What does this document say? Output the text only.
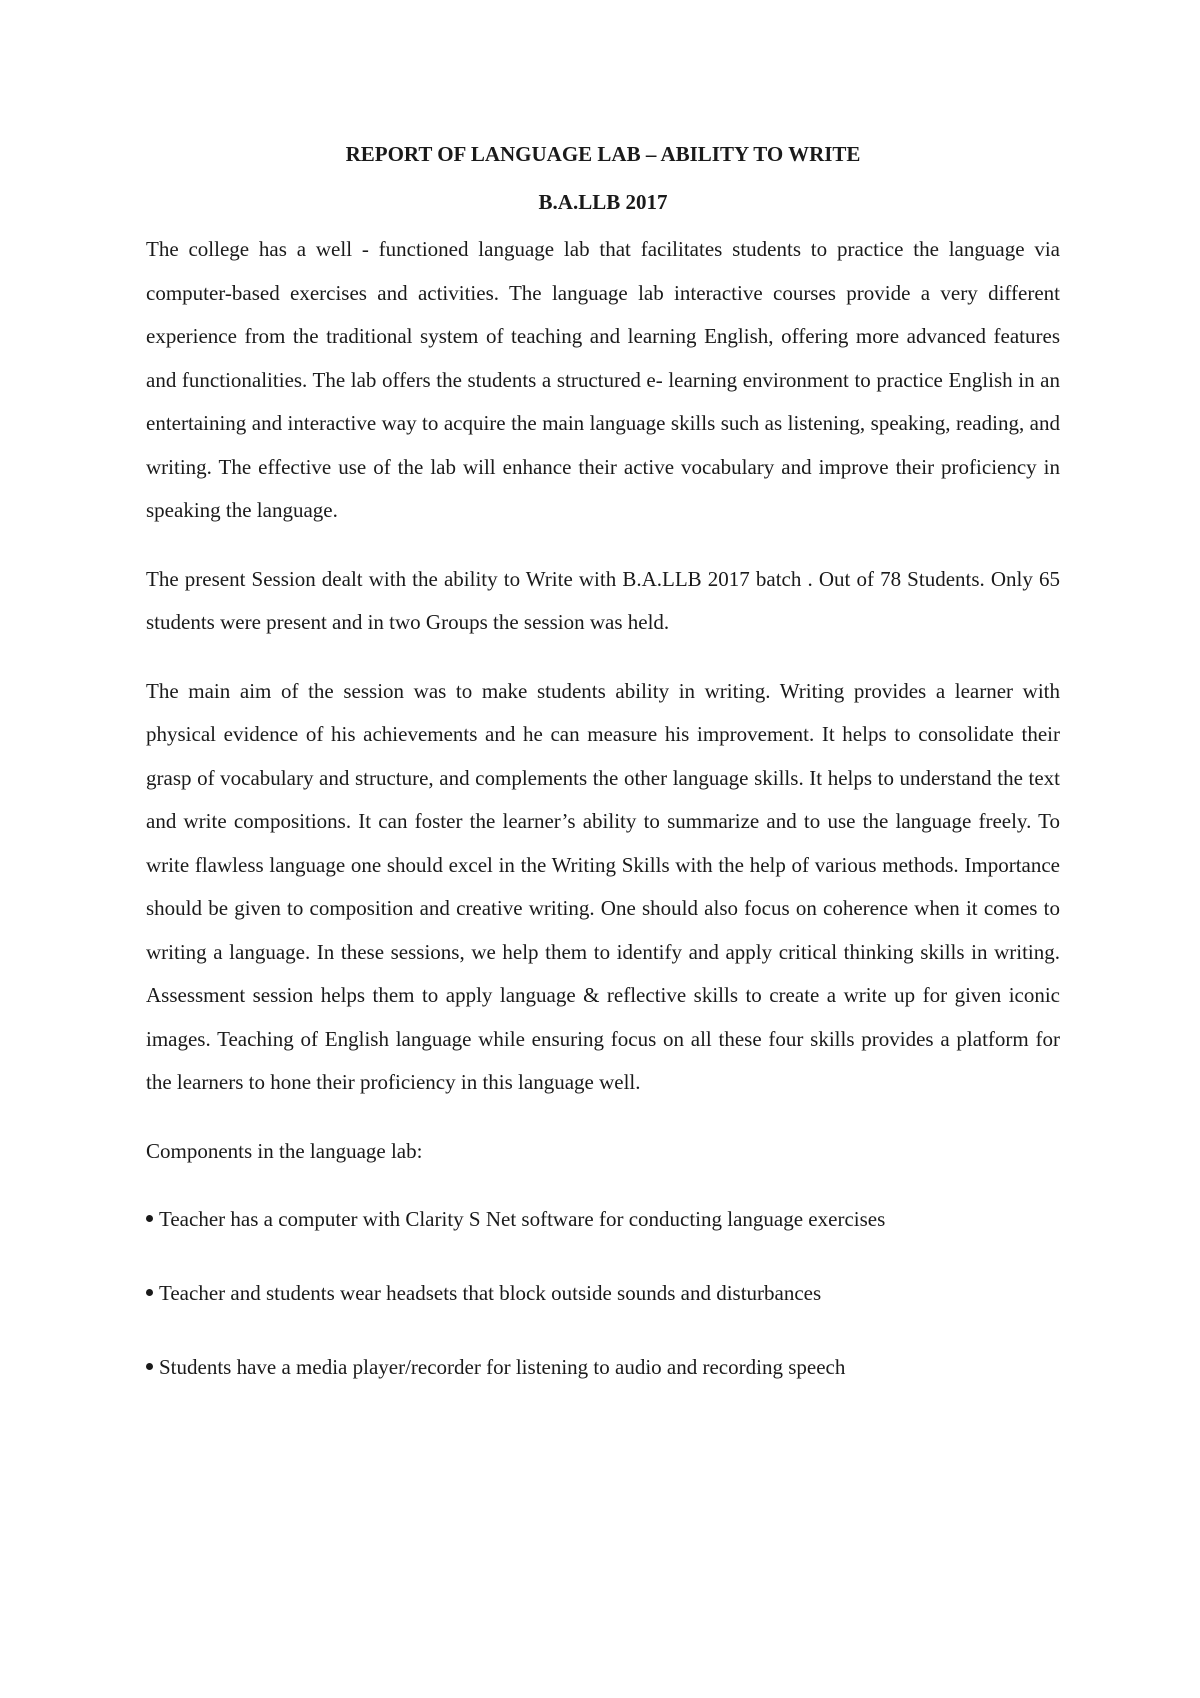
REPORT OF LANGUAGE LAB – ABILITY TO WRITE
B.A.LLB 2017

The college has a well - functioned language lab that facilitates students to practice the language via computer-based exercises and activities. The language lab interactive courses provide a very different experience from the traditional system of teaching and learning English, offering more advanced features and functionalities. The lab offers the students a structured e- learning environment to practice English in an entertaining and interactive way to acquire the main language skills such as listening, speaking, reading, and writing. The effective use of the lab will enhance their active vocabulary and improve their proficiency in speaking the language.

The present Session dealt with the ability to Write with B.A.LLB 2017 batch . Out of 78 Students. Only 65 students were present and in two Groups the session was held.

The main aim of the session was to make students ability in writing. Writing provides a learner with physical evidence of his achievements and he can measure his improvement. It helps to consolidate their grasp of vocabulary and structure, and complements the other language skills. It helps to understand the text and write compositions. It can foster the learner’s ability to summarize and to use the language freely. To write flawless language one should excel in the Writing Skills with the help of various methods. Importance should be given to composition and creative writing. One should also focus on coherence when it comes to writing a language. In these sessions, we help them to identify and apply critical thinking skills in writing. Assessment session helps them to apply language & reflective skills to create a write up for given iconic images. Teaching of English language while ensuring focus on all these four skills provides a platform for the learners to hone their proficiency in this language well.

Components in the language lab:

Teacher has a computer with Clarity S Net software for conducting language exercises
Teacher and students wear headsets that block outside sounds and disturbances
Students have a media player/recorder for listening to audio and recording speech
